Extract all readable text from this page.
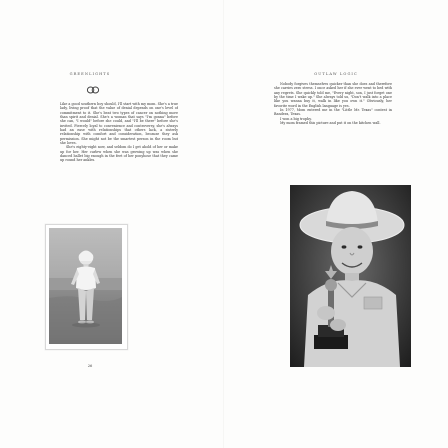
GREENLIGHTS

Like a good southern boy should, I'll start with my mom. She's a true lady, living proof that the value of denial depends on one's level of commitment to it. She's beat two types of cancer on nothing more than spirit and denial. She's a woman that says "I'm gonna" before she can, "I would" before she could, and "I'll be there" before she's invited. Fiercely loyal to convenience and controversy, she's always had an ease with relationships that others lack, a sisterly relationship with comfort and consideration, because they ask permission. She might not be the smartest person in the room but she loves.

She's eighty-eight now, and seldom do I get ahold of her or make up for her. Her curlew when she was growing up was when she danced ballet big enough in the feet of her ponyhose that they came up round her ankles.

26
OUTLAW LOGIC

Nobody forgives themselves quicker than she does and therefore she carries zero stress. I once asked her if she ever went to bed with any regrets. She quickly told me, "Every night, son, I just forget one by the time I wake up." She always told us, "Don't walk into a place like you wanna buy it, walk in like you own it." Obviously, her favorite word in the English language is yes.

In 1977, Mom entered me in the "Little Mr. Texas" contest in Bandera, Texas.

I won a big trophy.

My mom framed this picture and put it on the kitchen wall.
